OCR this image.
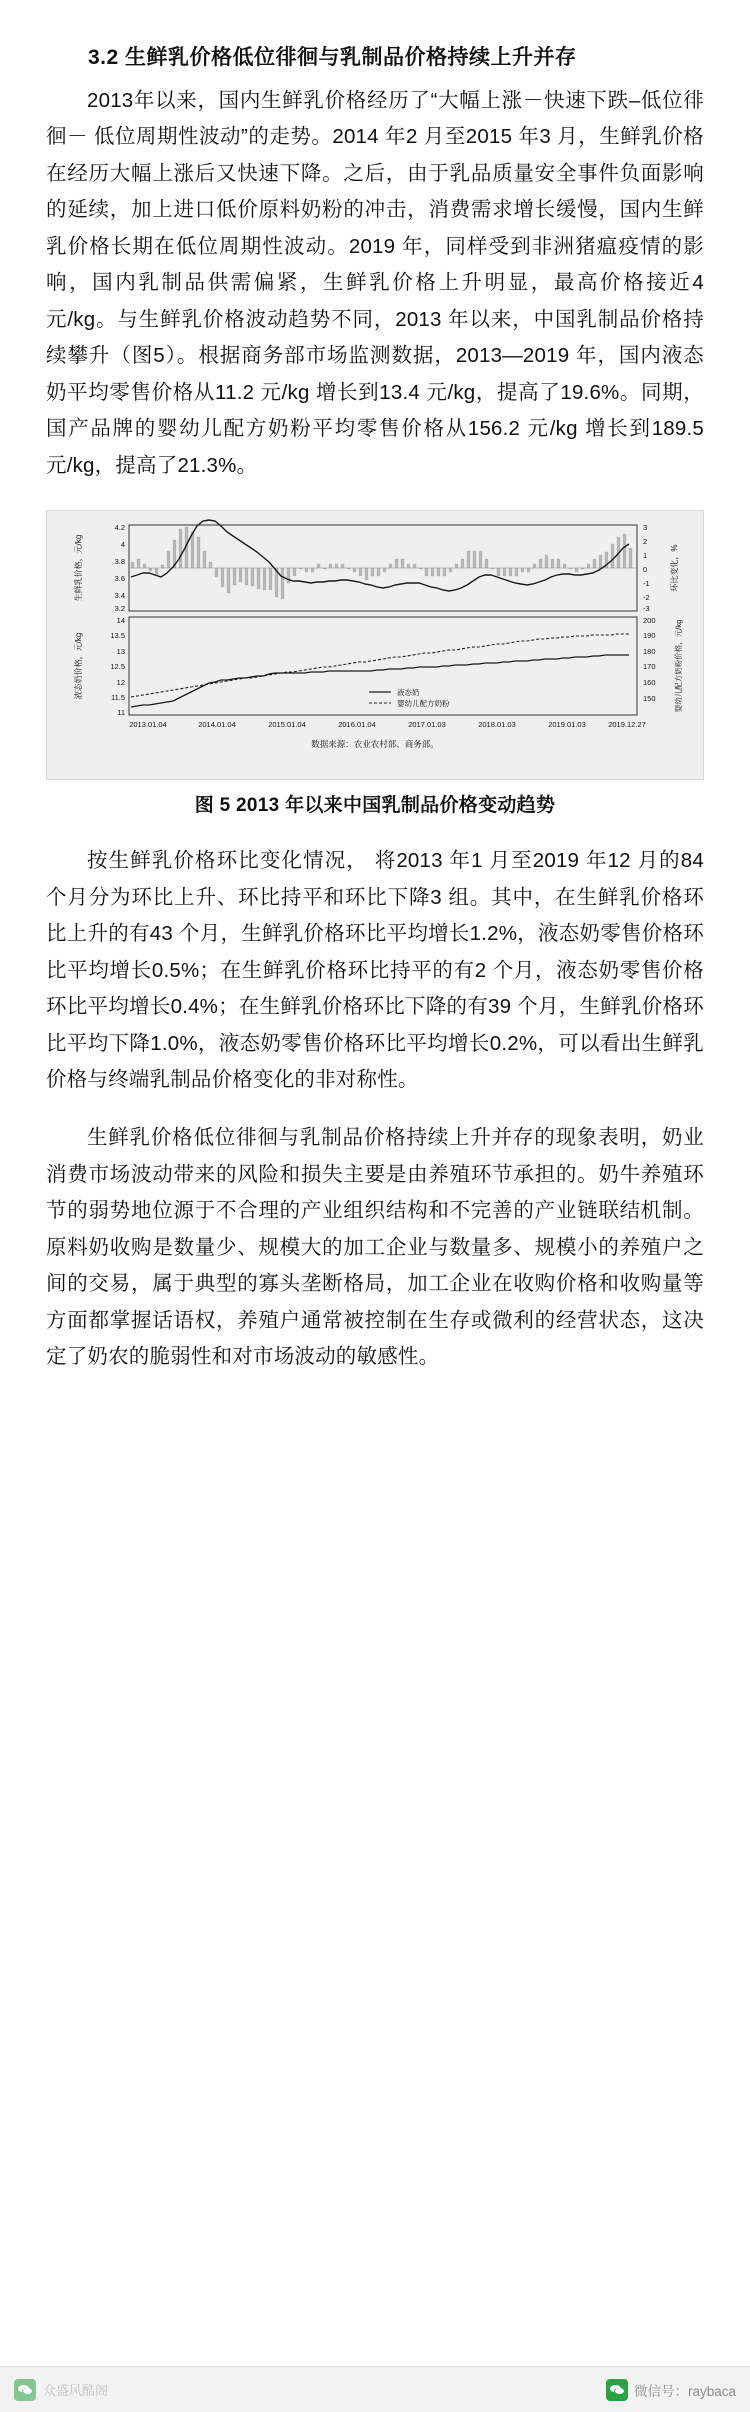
3.2 生鲜乳价格低位徘徊与乳制品价格持续上升并存

2013年以来，国内生鲜乳价格经历了“大幅上涨－快速下跌–低位徘徊－ 低位周期性波动”的走势。2014 年2 月至2015 年3 月，生鲜乳价格在经历大幅上涨后又快速下降。之后，由于乳品质量安全事件负面影响的延续，加上进口低价原料奶粉的冲击，消费需求增长缓慢，国内生鲜乳价格长期在低位周期性波动。2019 年，同样受到非洲猪瘟疫情的影响，国内乳制品供需偏紧，生鲜乳价格上升明显，最高价格接近4 元/kg。与生鲜乳价格波动趋势不同，2013 年以来，中国乳制品价格持续攀升（图5）。根据商务部市场监测数据，2013—2019 年，国内液态奶平均零售价格从11.2 元/kg 增长到13.4 元/kg，提高了19.6%。同期，国产品牌的婴幼儿配方奶粉平均零售价格从156.2 元/kg 增长到189.5 元/kg，提高了21.3%。

4.2
4
3.8
3.6
3.4
3.2
3
2
1
0
-1
-2
-3
生鲜乳价格，元/kg	环比变化，%
14
13.5
13
12.5
12
11.5
11
200
190
180
170
160
150
液态奶价格，元/kg	婴幼儿配方奶粉价格，元/kg
液态奶
婴幼儿配方奶粉
2013.01.04	2014.01.04	2015.01.04	2016.01.04	2017.01.03	2018.01.03	2019.01.03	2019.12.27
数据来源：农业农村部、商务部。
图 5 2013 年以来中国乳制品价格变动趋势

按生鲜乳价格环比变化情况， 将2013 年1 月至2019 年12 月的84 个月分为环比上升、环比持平和环比下降3 组。其中，在生鲜乳价格环比上升的有43 个月，生鲜乳价格环比平均增长1.2%，液态奶零售价格环比平均增长0.5%；在生鲜乳价格环比持平的有2 个月，液态奶零售价格环比平均增长0.4%；在生鲜乳价格环比下降的有39 个月，生鲜乳价格环比平均下降1.0%，液态奶零售价格环比平均增长0.2%，可以看出生鲜乳价格与终端乳制品价格变化的非对称性。

生鲜乳价格低位徘徊与乳制品价格持续上升并存的现象表明，奶业消费市场波动带来的风险和损失主要是由养殖环节承担的。奶牛养殖环节的弱势地位源于不合理的产业组织结构和不完善的产业链联结机制。原料奶收购是数量少、规模大的加工企业与数量多、规模小的养殖户之间的交易，属于典型的寡头垄断格局，加工企业在收购价格和收购量等方面都掌握话语权，养殖户通常被控制在生存或微利的经营状态，这决定了奶农的脆弱性和对市场波动的敏感性。

众盛风酷阁	微信号：raybaca
